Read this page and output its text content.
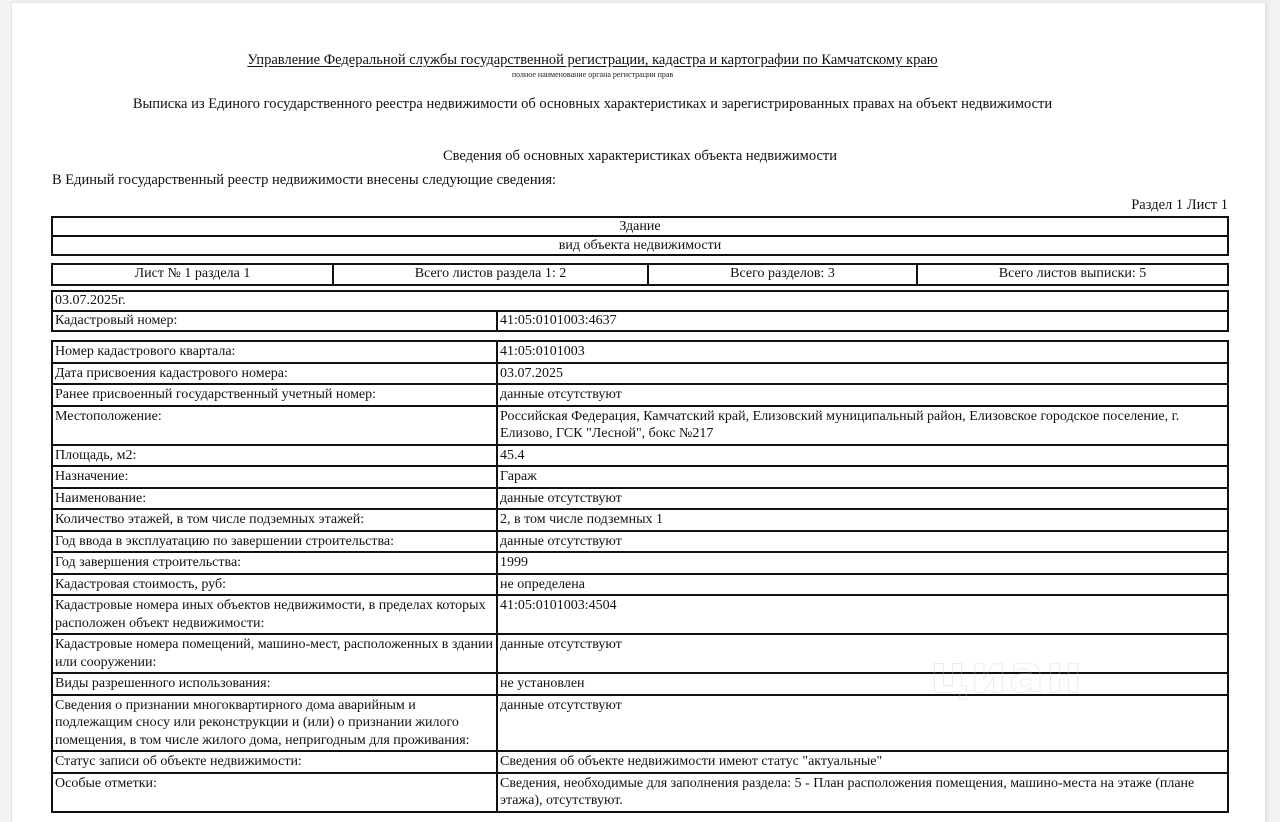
Управление Федеральной службы государственной регистрации, кадастра и картографии по Камчатскому краю
полное наименование органа регистрации прав
Выписка из Единого государственного реестра недвижимости об основных характеристиках и зарегистрированных правах на объект недвижимости
Сведения об основных характеристиках объекта недвижимости
В Единый государственный реестр недвижимости внесены следующие сведения:
Раздел 1 Лист 1
Здание
вид объекта недвижимости
Лист № 1 раздела 1	Всего листов раздела 1: 2	Всего разделов: 3	Всего листов выписки: 5
03.07.2025г.
Кадастровый номер:	41:05:0101003:4637
Номер кадастрового квартала:	41:05:0101003
Дата присвоения кадастрового номера:	03.07.2025
Ранее присвоенный государственный учетный номер:	данные отсутствуют
Местоположение:	Российская Федерация, Камчатский край, Елизовский муниципальный район, Елизовское городское поселение, г. Елизово, ГСК "Лесной", бокс №217
Площадь, м2:	45.4
Назначение:	Гараж
Наименование:	данные отсутствуют
Количество этажей, в том числе подземных этажей:	2, в том числе подземных 1
Год ввода в эксплуатацию по завершении строительства:	данные отсутствуют
Год завершения строительства:	1999
Кадастровая стоимость, руб:	не определена
Кадастровые номера иных объектов недвижимости, в пределах которых расположен объект недвижимости:	41:05:0101003:4504
Кадастровые номера помещений, машино-мест, расположенных в здании или сооружении:	данные отсутствуют
Виды разрешенного использования:	не установлен
Сведения о признании многоквартирного дома аварийным и подлежащим сносу или реконструкции и (или) о признании жилого помещения, в том числе жилого дома, непригодным для проживания:	данные отсутствуют
Статус записи об объекте недвижимости:	Сведения об объекте недвижимости имеют статус "актуальные"
Особые отметки:	Сведения, необходимые для заполнения раздела: 5 - План расположения помещения, машино-места на этаже (плане этажа), отсутствуют.
